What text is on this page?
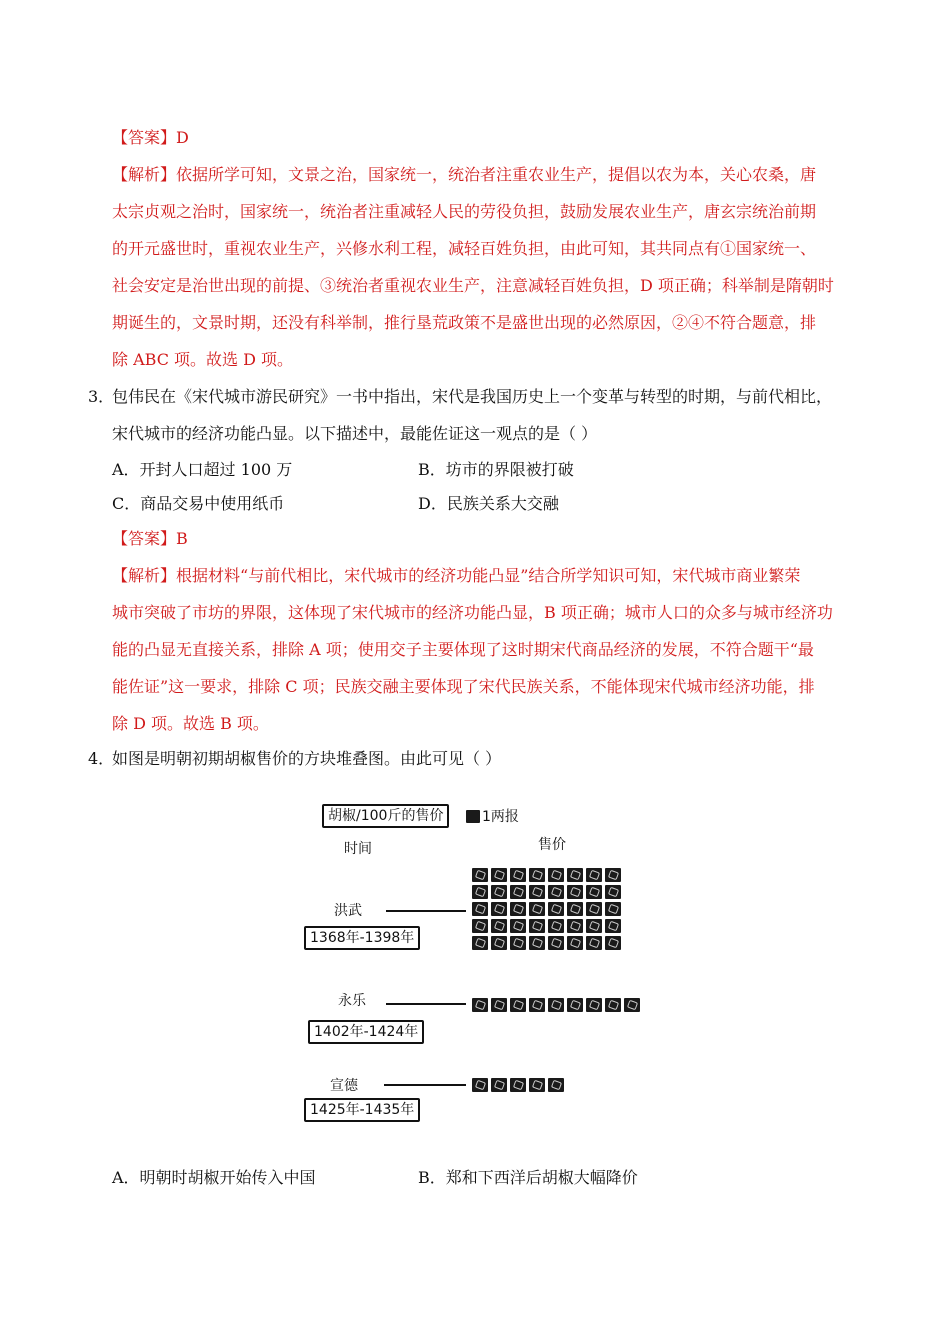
【答案】D
【解析】依据所学可知，文景之治，国家统一，统治者注重农业生产，提倡以农为本，关心农桑，唐
太宗贞观之治时，国家统一，统治者注重减轻人民的劳役负担，鼓励发展农业生产，唐玄宗统治前期
的开元盛世时，重视农业生产，兴修水利工程，减轻百姓负担，由此可知，其共同点有①国家统一、
社会安定是治世出现的前提、③统治者重视农业生产，注意减轻百姓负担，D 项正确；科举制是隋朝时
期诞生的，文景时期，还没有科举制，推行垦荒政策不是盛世出现的必然原因，②④不符合题意，排
除 ABC 项。故选 D 项。
3．
包伟民在《宋代城市游民研究》一书中指出，宋代是我国历史上一个变革与转型的时期，与前代相比，
宋代城市的经济功能凸显。以下描述中，最能佐证这一观点的是（ ）
A．开封人口超过 100 万	B．坊市的界限被打破
C．商品交易中使用纸币	D．民族关系大交融
【答案】B
【解析】根据材料“与前代相比，宋代城市的经济功能凸显”结合所学知识可知，宋代城市商业繁荣
城市突破了市坊的界限，这体现了宋代城市的经济功能凸显，B 项正确；城市人口的众多与城市经济功
能的凸显无直接关系，排除 A 项；使用交子主要体现了这时期宋代商品经济的发展，不符合题干“最
能佐证”这一要求，排除 C 项；民族交融主要体现了宋代民族关系，不能体现宋代城市经济功能，排
除 D 项。故选 B 项。
4．
如图是明朝初期胡椒售价的方块堆叠图。由此可见（ ）
胡椒/100斤的售价	1两报
时间	售价
洪武
1368年-1398年
永乐
1402年-1424年
宣德
1425年-1435年
A．明朝时胡椒开始传入中国	B．郑和下西洋后胡椒大幅降价
